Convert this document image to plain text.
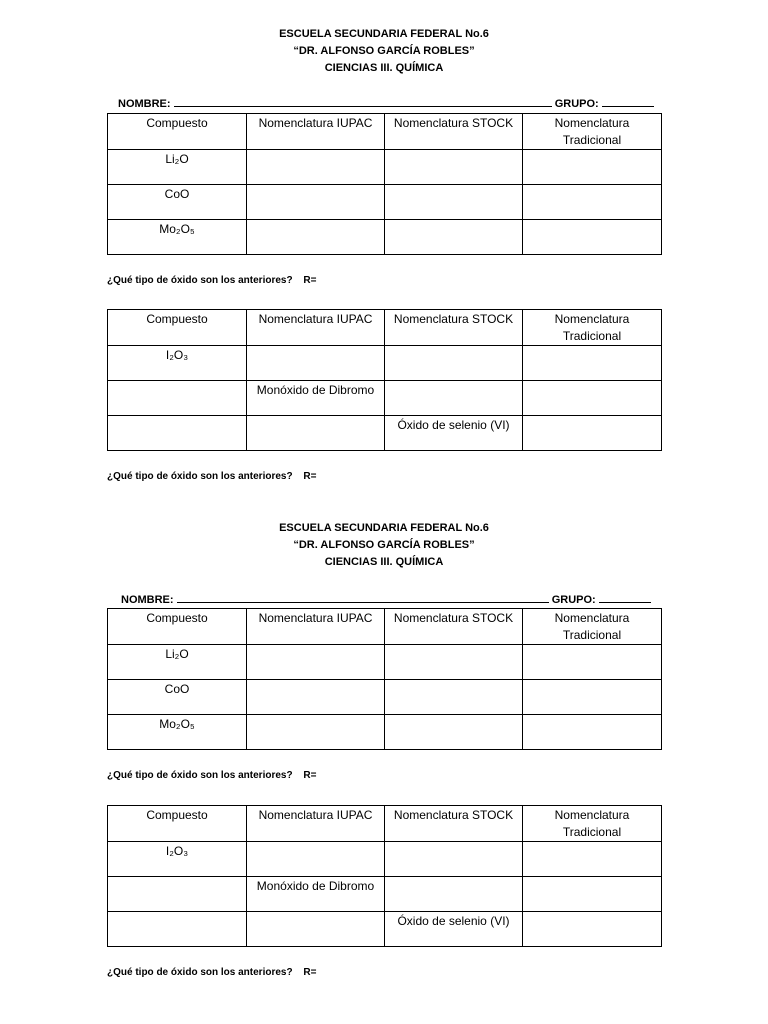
ESCUELA SECUNDARIA FEDERAL No.6
“DR. ALFONSO GARCÍA ROBLES”
CIENCIAS III. QUÍMICA
NOMBRE:	GRUPO:
Compuesto	Nomenclatura IUPAC	Nomenclatura STOCK	Nomenclatura Tradicional

Li₂O			

CoO			

Mo₂O₅			

¿Qué tipo de óxido son los anteriores? R=
Compuesto	Nomenclatura IUPAC	Nomenclatura STOCK	Nomenclatura Tradicional

I₂O₃			

	Monóxido de Dibromo		

		Óxido de selenio (VI)	

¿Qué tipo de óxido son los anteriores? R=
ESCUELA SECUNDARIA FEDERAL No.6
“DR. ALFONSO GARCÍA ROBLES”
CIENCIAS III. QUÍMICA
NOMBRE:	GRUPO:
Compuesto	Nomenclatura IUPAC	Nomenclatura STOCK	Nomenclatura Tradicional

Li₂O			

CoO			

Mo₂O₅			

¿Qué tipo de óxido son los anteriores? R=
Compuesto	Nomenclatura IUPAC	Nomenclatura STOCK	Nomenclatura Tradicional

I₂O₃			

	Monóxido de Dibromo		

		Óxido de selenio (VI)	

¿Qué tipo de óxido son los anteriores? R=
